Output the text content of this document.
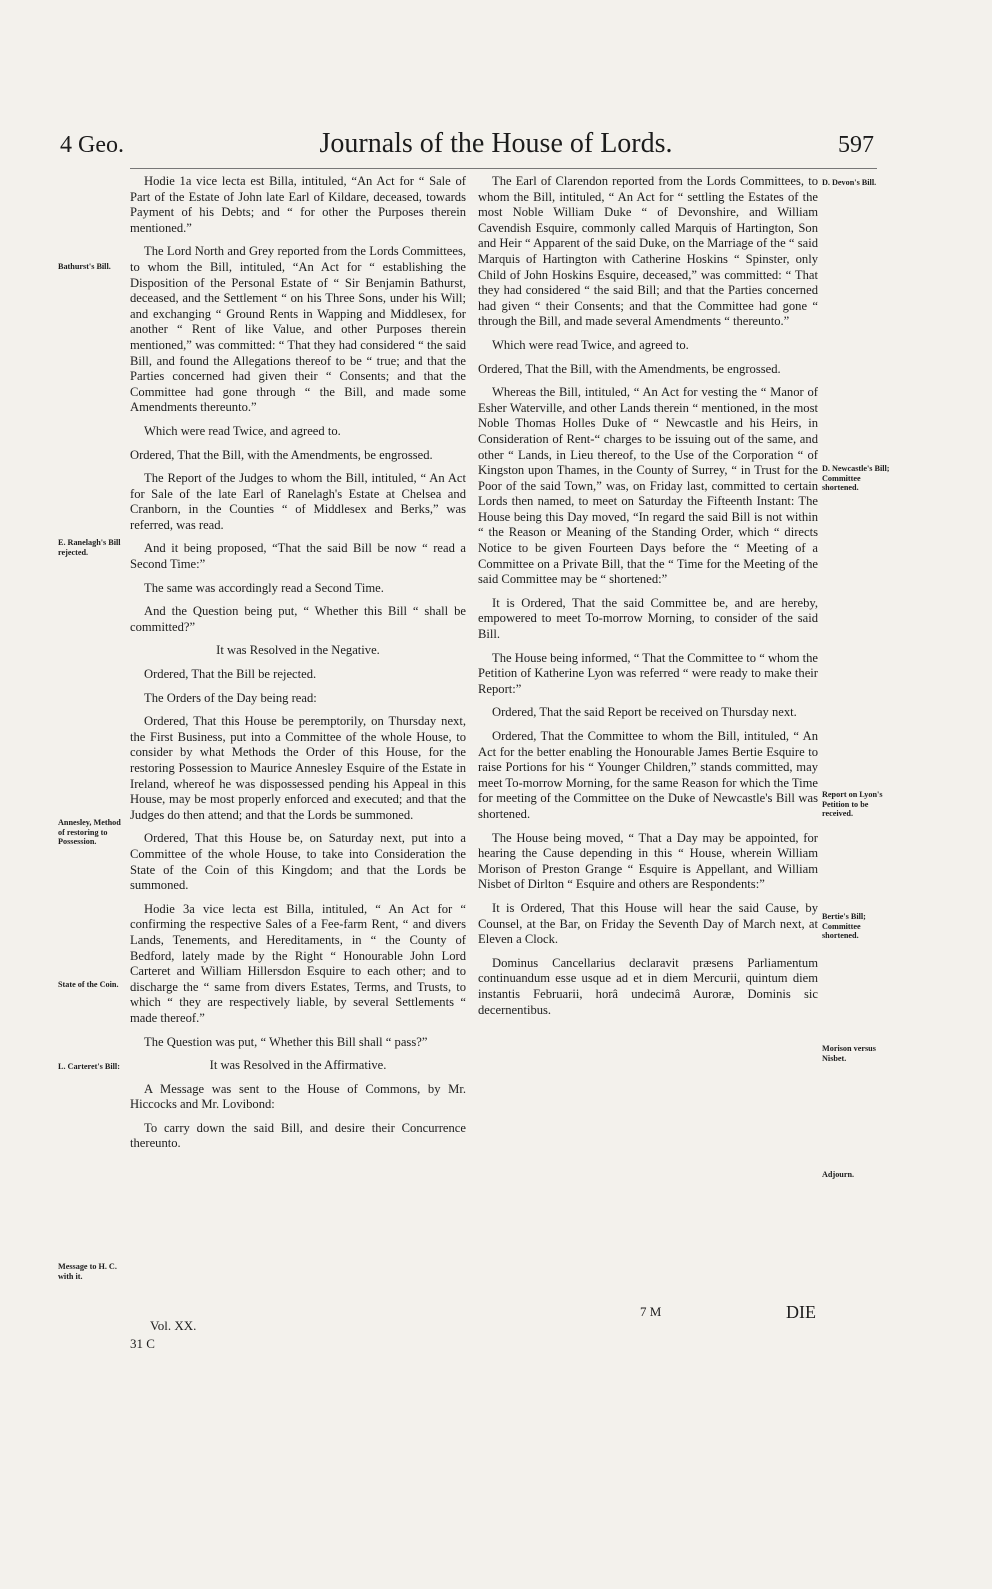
4 Geo.	Journals of the House of Lords.	597

Hodie 1a vice lecta est Billa, intituled, “An Act for “ Sale of Part of the Estate of John late Earl of Kildare, deceased, towards Payment of his Debts; and “ for other the Purposes therein mentioned.”

The Lord North and Grey reported from the Lords Committees, to whom the Bill, intituled, “An Act for “ establishing the Disposition of the Personal Estate of “ Sir Benjamin Bathurst, deceased, and the Settlement “ on his Three Sons, under his Will; and exchanging “ Ground Rents in Wapping and Middlesex, for another “ Rent of like Value, and other Purposes therein mentioned,” was committed: “ That they had considered “ the said Bill, and found the Allegations thereof to be “ true; and that the Parties concerned had given their “ Consents; and that the Committee had gone through “ the Bill, and made some Amendments thereunto.”

Which were read Twice, and agreed to.

Ordered, That the Bill, with the Amendments, be engrossed.

The Report of the Judges to whom the Bill, intituled, “ An Act for Sale of the late Earl of Ranelagh's Estate at Chelsea and Cranborn, in the Counties “ of Middlesex and Berks,” was referred, was read.

And it being proposed, “That the said Bill be now “ read a Second Time:”

The same was accordingly read a Second Time.

And the Question being put, “ Whether this Bill “ shall be committed?”

It was Resolved in the Negative.

Ordered, That the Bill be rejected.

The Orders of the Day being read:

Ordered, That this House be peremptorily, on Thursday next, the First Business, put into a Committee of the whole House, to consider by what Methods the Order of this House, for the restoring Possession to Maurice Annesley Esquire of the Estate in Ireland, whereof he was dispossessed pending his Appeal in this House, may be most properly enforced and executed; and that the Judges do then attend; and that the Lords be summoned.

Ordered, That this House be, on Saturday next, put into a Committee of the whole House, to take into Consideration the State of the Coin of this Kingdom; and that the Lords be summoned.

Hodie 3a vice lecta est Billa, intituled, “ An Act for “ confirming the respective Sales of a Fee-farm Rent, “ and divers Lands, Tenements, and Hereditaments, in “ the County of Bedford, lately made by the Right “ Honourable John Lord Carteret and William Hillersdon Esquire to each other; and to discharge the “ same from divers Estates, Terms, and Trusts, to which “ they are respectively liable, by several Settlements “ made thereof.”

The Question was put, “ Whether this Bill shall “ pass?”

It was Resolved in the Affirmative.

A Message was sent to the House of Commons, by Mr. Hiccocks and Mr. Lovibond:

To carry down the said Bill, and desire their Concurrence thereunto.

The Earl of Clarendon reported from the Lords Committees, to whom the Bill, intituled, “ An Act for “ settling the Estates of the most Noble William Duke “ of Devonshire, and William Cavendish Esquire, commonly called Marquis of Hartington, Son and Heir “ Apparent of the said Duke, on the Marriage of the “ said Marquis of Hartington with Catherine Hoskins “ Spinster, only Child of John Hoskins Esquire, deceased,” was committed: “ That they had considered “ the said Bill; and that the Parties concerned had given “ their Consents; and that the Committee had gone “ through the Bill, and made several Amendments “ thereunto.”

Which were read Twice, and agreed to.

Ordered, That the Bill, with the Amendments, be engrossed.

Whereas the Bill, intituled, “ An Act for vesting the “ Manor of Esher Waterville, and other Lands therein “ mentioned, in the most Noble Thomas Holles Duke of “ Newcastle and his Heirs, in Consideration of Rent-“ charges to be issuing out of the same, and other “ Lands, in Lieu thereof, to the Use of the Corporation “ of Kingston upon Thames, in the County of Surrey, “ in Trust for the Poor of the said Town,” was, on Friday last, committed to certain Lords then named, to meet on Saturday the Fifteenth Instant: The House being this Day moved, “In regard the said Bill is not within “ the Reason or Meaning of the Standing Order, which “ directs Notice to be given Fourteen Days before the “ Meeting of a Committee on a Private Bill, that the “ Time for the Meeting of the said Committee may be “ shortened:”

It is Ordered, That the said Committee be, and are hereby, empowered to meet To-morrow Morning, to consider of the said Bill.

The House being informed, “ That the Committee to “ whom the Petition of Katherine Lyon was referred “ were ready to make their Report:”

Ordered, That the said Report be received on Thursday next.

Ordered, That the Committee to whom the Bill, intituled, “ An Act for the better enabling the Honourable James Bertie Esquire to raise Portions for his “ Younger Children,” stands committed, may meet To-morrow Morning, for the same Reason for which the Time for meeting of the Committee on the Duke of Newcastle's Bill was shortened.

The House being moved, “ That a Day may be appointed, for hearing the Cause depending in this “ House, wherein William Morison of Preston Grange “ Esquire is Appellant, and William Nisbet of Dirlton “ Esquire and others are Respondents:”

It is Ordered, That this House will hear the said Cause, by Counsel, at the Bar, on Friday the Seventh Day of March next, at Eleven a Clock.

Dominus Cancellarius declaravit præsens Parliamentum continuandum esse usque ad et in diem Mercurii, quintum diem instantis Februarii, horâ undecimâ Auroræ, Dominis sic decernentibus.

Bathurst's Bill.
E. Ranelagh's Bill rejected.
Annesley, Method of restoring to Possession.
State of the Coin.
L. Carteret's Bill:
Message to H. C. with it.
D. Devon's Bill.
D. Newcastle's Bill; Committee shortened.
Report on Lyon's Petition to be received.
Bertie's Bill; Committee shortened.
Morison versus Nisbet.
Adjourn.
Vol. XX.
31 C
7 M	DIE
